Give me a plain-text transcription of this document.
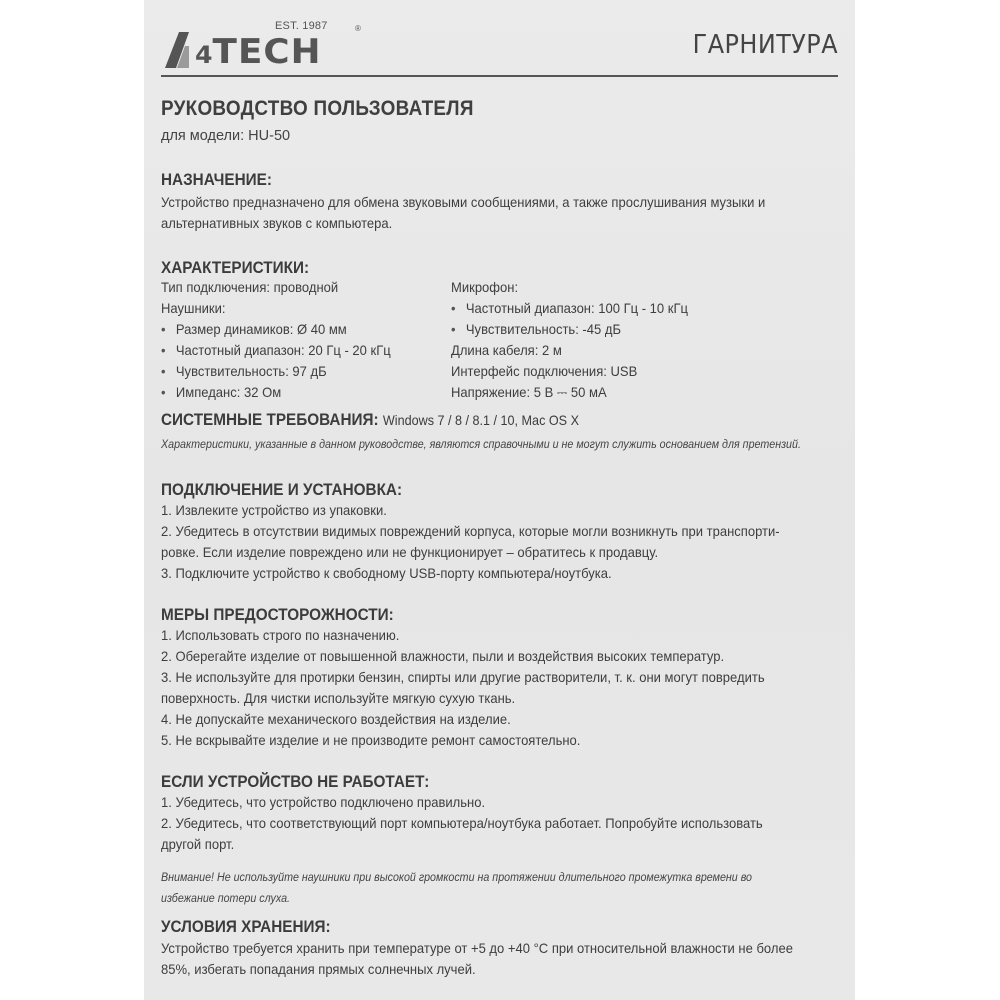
EST. 1987	®
4TECH	ГАРНИТУРА
РУКОВОДСТВО ПОЛЬЗОВАТЕЛЯ
для модели: HU-50
НАЗНАЧЕНИЕ:
Устройство предназначено для обмена звуковыми сообщениями, а также прослушивания музыки и
альтернативных звуков с компьютера.
ХАРАКТЕРИСТИКИ:
Тип подключения: проводной
Наушники:
• Размер динамиков: Ø 40 мм
• Частотный диапазон: 20 Гц - 20 кГц
• Чувствительность: 97 дБ
• Импеданс: 32 Ом
Микрофон:
• Частотный диапазон: 100 Гц - 10 кГц
• Чувствительность: -45 дБ
Длина кабеля: 2 м
Интерфейс подключения: USB
Напряжение: 5 В ⎓ 50 мА
СИСТЕМНЫЕ ТРЕБОВАНИЯ: Windows 7 / 8 / 8.1 / 10, Mac OS X
Характеристики, указанные в данном руководстве, являются справочными и не могут служить основанием для претензий.
ПОДКЛЮЧЕНИЕ И УСТАНОВКА:
1. Извлеките устройство из упаковки.
2. Убедитесь в отсутствии видимых повреждений корпуса, которые могли возникнуть при транспорти-
ровке. Если изделие повреждено или не функционирует – обратитесь к продавцу.
3. Подключите устройство к свободному USB-порту компьютера/ноутбука.
МЕРЫ ПРЕДОСТОРОЖНОСТИ:
1. Использовать строго по назначению.
2. Оберегайте изделие от повышенной влажности, пыли и воздействия высоких температур.
3. Не используйте для протирки бензин, спирты или другие растворители, т. к. они могут повредить
поверхность. Для чистки используйте мягкую сухую ткань.
4. Не допускайте механического воздействия на изделие.
5. Не вскрывайте изделие и не производите ремонт самостоятельно.
ЕСЛИ УСТРОЙСТВО НЕ РАБОТАЕТ:
1. Убедитесь, что устройство подключено правильно.
2. Убедитесь, что соответствующий порт компьютера/ноутбука работает. Попробуйте использовать
другой порт.
Внимание! Не используйте наушники при высокой громкости на протяжении длительного промежутка времени во
избежание потери слуха.
УСЛОВИЯ ХРАНЕНИЯ:
Устройство требуется хранить при температуре от +5 до +40 °С при относительной влажности не более
85%, избегать попадания прямых солнечных лучей.
